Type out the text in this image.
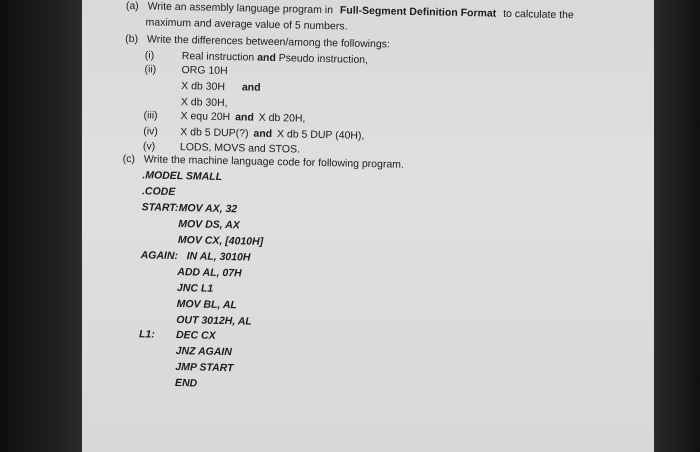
(a) Write an assembly language program in Full-Segment Definition Format to calculate the
maximum and average value of 5 numbers.
(b) Write the differences between/among the followings:
(i)	Real instruction and Pseudo instruction,
(ii) ORG 10H
X db 30H and
X db 30H,
(iii) X equ 20H and X db 20H,
(iv) X db 5 DUP(?) and X db 5 DUP (40H),
(v) LODS, MOVS and STOS.
(c) Write the machine language code for following program.
.MODEL SMALL
.CODE
START: MOV AX, 32
MOV DS, AX
MOV CX, [4010H]
AGAIN: IN AL, 3010H
ADD AL, 07H
JNC L1
MOV BL, AL
OUT 3012H, AL
L1: DEC CX
JNZ AGAIN
JMP START
END
